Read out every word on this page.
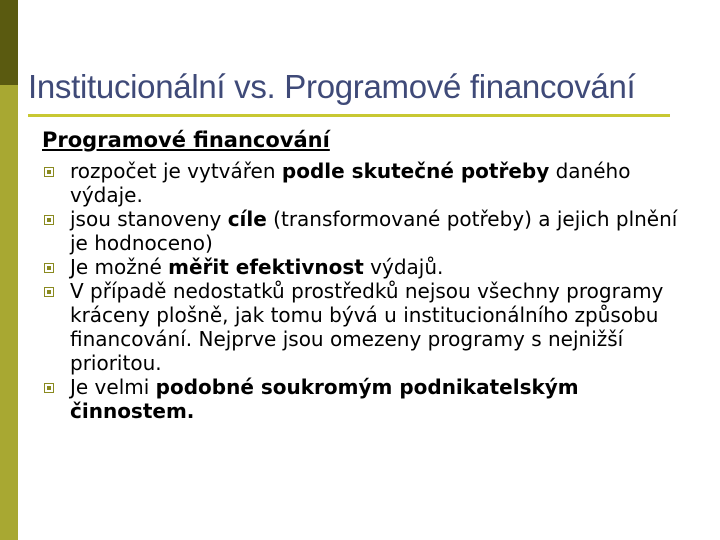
Institucionální vs. Programové financování
Programové financování
rozpočet je vytvářen podle skutečné potřeby daného výdaje.
jsou stanoveny cíle (transformované potřeby) a jejich plnění je hodnoceno)
Je možné měřit efektivnost výdajů.
V případě nedostatků prostředků nejsou všechny programy kráceny plošně, jak tomu bývá u institucionálního způsobu financování. Nejprve jsou omezeny programy s nejnižší prioritou.
Je velmi podobné soukromým podnikatelským činnostem.
